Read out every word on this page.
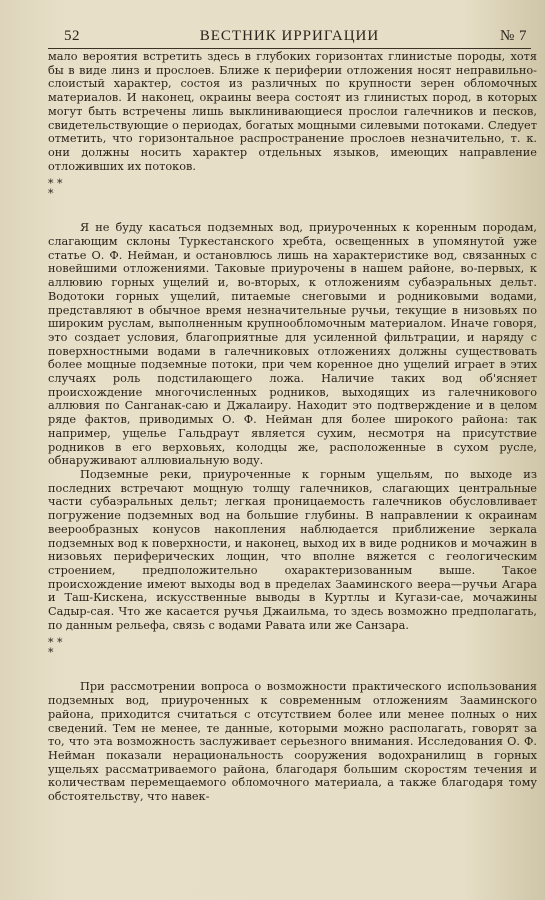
52	ВЕСТНИК ИРРИГАЦИИ	№ 7

мало вероятия встретить здесь в глубоких горизонтах глинистые породы, хотя бы в виде линз и прослоев. Ближе к периферии отложения носят неправильно-слоистый характер, состоя из различных по крупности зерен обломочных материалов. И наконец, окраины веера состоят из глинистых пород, в которых могут быть встречены лишь выклинивающиеся прослои галечников и песков, свидетельствующие о периодах, богатых мощными силевыми потоками. Следует отметить, что горизонтальное распространение прослоев незначительно, т. к. они должны носить характер отдельных языков, имеющих направление отложивших их потоков.

* *
*

Я не буду касаться подземных вод, приуроченных к коренным породам, слагающим склоны Туркестанского хребта, освещенных в упомянутой уже статье О. Ф. Нейман, и остановлюсь лишь на характеристике вод, связанных с новейшими отложениями. Таковые приурочены в нашем районе, во-первых, к аллювию горных ущелий и, во-вторых, к отложениям субаэральных дельт. Водотоки горных ущелий, питаемые снеговыми и родниковыми водами, представляют в обычное время незначительные ручьи, текущие в низовьях по широким руслам, выполненным крупнообломочным материалом. Иначе говоря, это создает условия, благоприятные для усиленной фильтрации, и наряду с поверхностными водами в галечниковых отложениях должны существовать более мощные подземные потоки, при чем коренное дно ущелий играет в этих случаях роль подстилающего ложа. Наличие таких вод об'ясняет происхождение многочисленных родников, выходящих из галечникового аллювия по Санганак-саю и Джалаиру. Находит это подтверждение и в целом ряде фактов, приводимых О. Ф. Нейман для более широкого района: так например, ущелье Гальдраут является сухим, несмотря на присутствие родников в его верховьях, колодцы же, расположенные в сухом русле, обнаруживают аллювиальную воду.

Подземные реки, приуроченные к горным ущельям, по выходе из последних встречают мощную толщу галечников, слагающих центральные части субаэральных дельт; легкая проницаемость галечников обусловливает погружение подземных вод на большие глубины. В направлении к окраинам веерообразных конусов накопления наблюдается приближение зеркала подземных вод к поверхности, и наконец, выход их в виде родников и мочажин в низовьях периферических лощин, что вполне вяжется с геологическим строением, предположительно охарактеризованным выше. Такое происхождение имеют выходы вод в пределах Зааминского веера—ручьи Агара и Таш-Кискена, искусственные выводы в Куртлы и Кугази-сае, мочажины Садыр-сая. Что же касается ручья Джаильма, то здесь возможно предполагать, по данным рельефа, связь с водами Равата или же Санзара.

* *
*

При рассмотрении вопроса о возможности практического использования подземных вод, приуроченных к современным отложениям Зааминского района, приходится считаться с отсутствием более или менее полных о них сведений. Тем не менее, те данные, которыми можно располагать, говорят за то, что эта возможность заслуживает серьезного внимания. Исследования О. Ф. Нейман показали нерациональность сооружения водохранилищ в горных ущельях рассматриваемого района, благодаря большим скоростям течения и количествам перемещаемого обломочного материала, а также благодаря тому обстоятельству, что навек-
